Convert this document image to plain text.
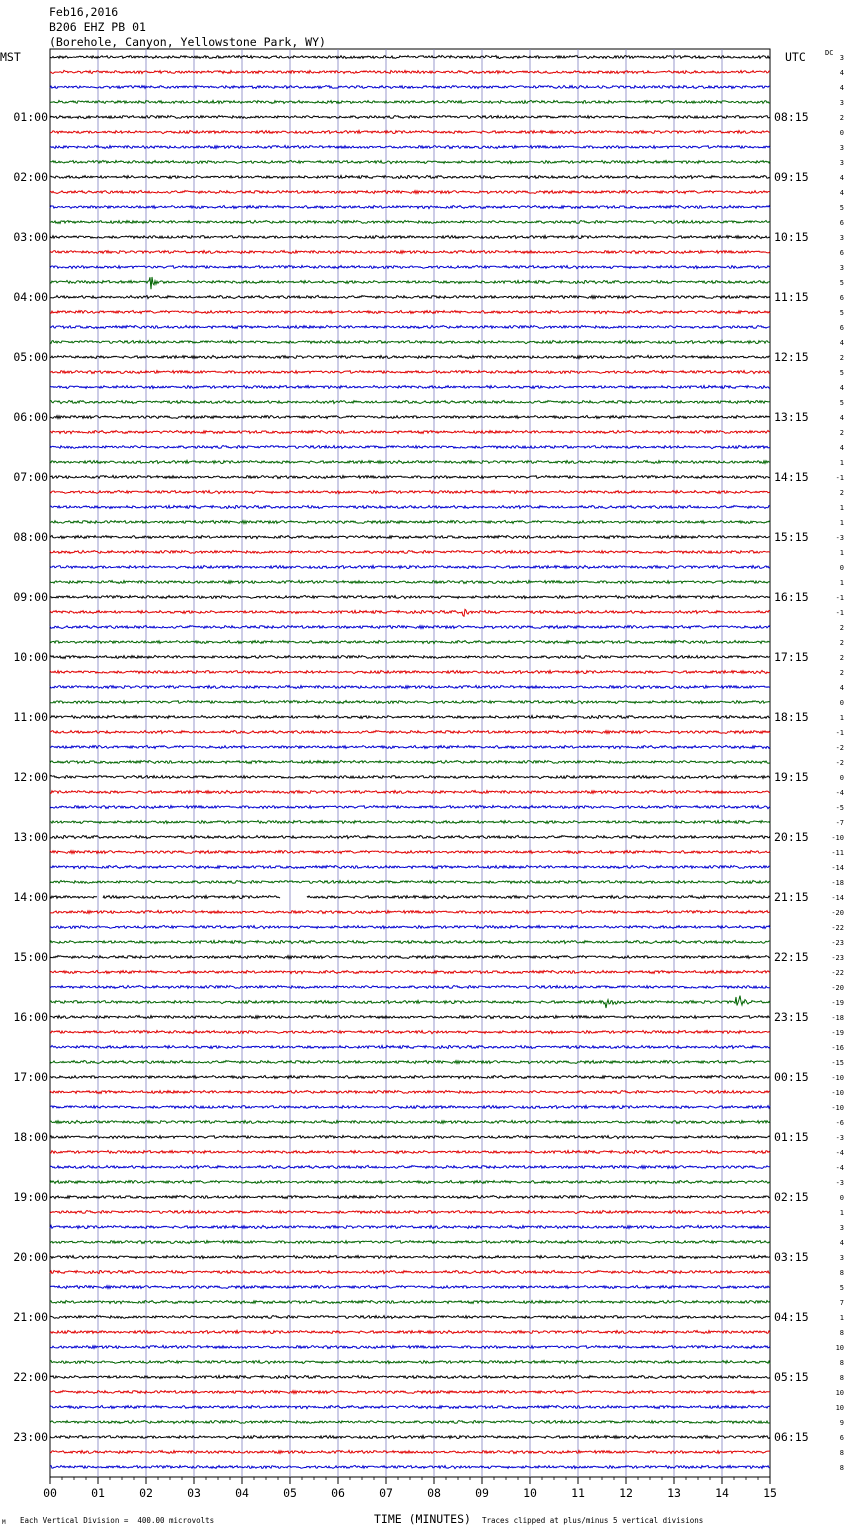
Feb16,2016
B206 EHZ PB 01
(Borehole, Canyon, Yellowstone Park, WY)
MST	UTC	DC
00	01	02	03	04	05	06	07	08	09	10	11	12	13	14	15
3
4
4
3
2
0
3
3
4
4
5
6
3
6
3
5
6
5
6
4
2
5
4
5
4
2
4
1
-1
2
1
1
-3
1
0
1
-1
-1
2
2
2
2
4
0
1
-1
-2
-2
0
-4
-5
-7
-10
-11
-14
-18
-14
-20
-22
-23
-23
-22
-20
-19
-18
-19
-16
-15
-10
-10
-10
-6
-3
-4
-4
-3
0
1
3
4
3
8
5
7
1
8
10
8
8
10
10
9
6
8
8
01:00
02:00
03:00
04:00
05:00
06:00
07:00
08:00
09:00
10:00
11:00
12:00
13:00
14:00
15:00
16:00
17:00
18:00
19:00
20:00
21:00
22:00
23:00
08:15
09:15
10:15
11:15
12:15
13:15
14:15
15:15
16:15
17:15
18:15
19:15
20:15
21:15
22:15
23:15
00:15
01:15
02:15
03:15
04:15
05:15
06:15
TIME (MINUTES)
Each Vertical Division =  400.00 microvolts	Traces clipped at plus/minus 5 vertical divisions
M
